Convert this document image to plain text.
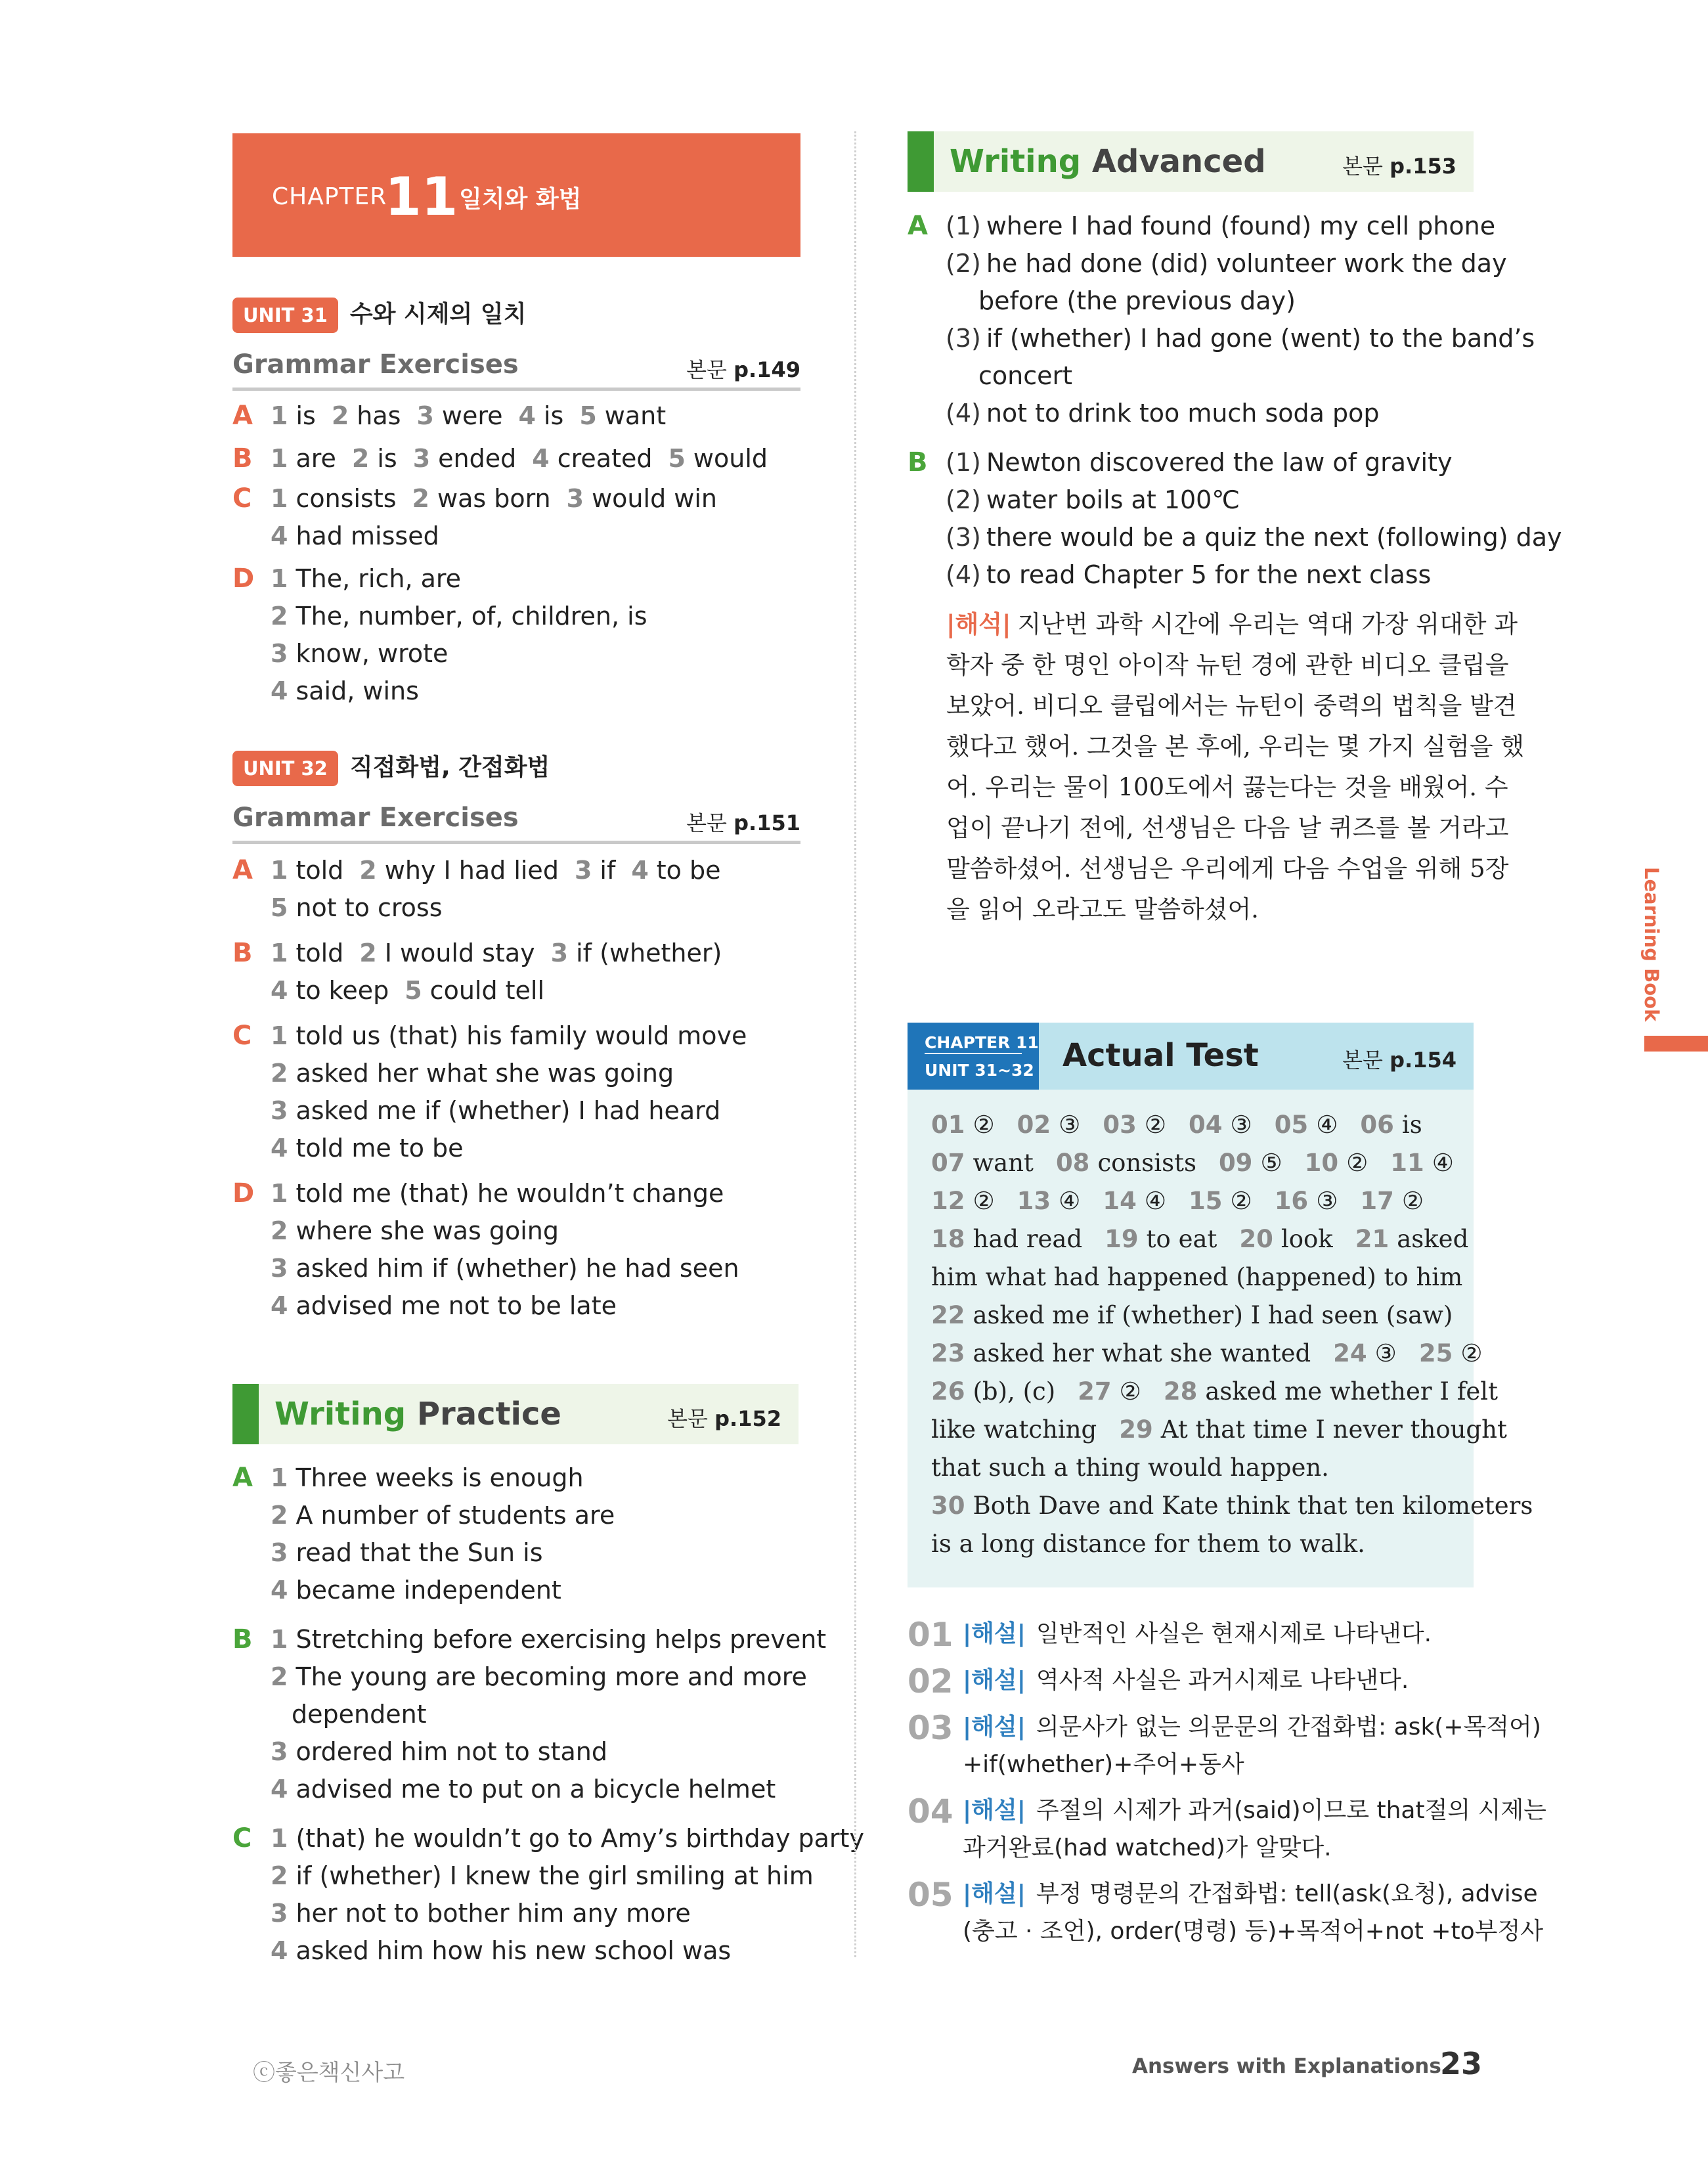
CHAPTER
11 일치와 화법
UNIT 31 수와 시제의 일치
Grammar Exercises	본문 p.149
A 1 is 2 has 3 were 4 is 5 want
B 1 are 2 is 3 ended 4 created 5 would
C 1 consists 2 was born 3 would win
4 had missed
D 1 The, rich, are
2 The, number, of, children, is
3 know, wrote
4 said, wins
UNIT 32 직접화법, 간접화법
Grammar Exercises	본문 p.151
A 1 told 2 why I had lied 3 if 4 to be
5 not to cross
B 1 told 2 I would stay 3 if (whether)
4 to keep 5 could tell
C 1 told us (that) his family would move
2 asked her what she was going
3 asked me if (whether) I had heard
4 told me to be
D 1 told me (that) he wouldn’t change
2 where she was going
3 asked him if (whether) he had seen
4 advised me not to be late
Writing Practice	본문 p.152
A 1 Three weeks is enough
2 A number of students are
3 read that the Sun is
4 became independent
B 1 Stretching before exercising helps prevent
2 The young are becoming more and more
dependent
3 ordered him not to stand
4 advised me to put on a bicycle helmet
C 1 (that) he wouldn’t go to Amy’s birthday party
2 if (whether) I knew the girl smiling at him
3 her not to bother him any more
4 asked him how his new school was
Writing Advanced	본문 p.153
A (1) where I had found (found) my cell phone
(2) he had done (did) volunteer work the day
before (the previous day)
(3) if (whether) I had gone (went) to the band’s
concert
(4) not to drink too much soda pop
B (1) Newton discovered the law of gravity
(2) water boils at 100℃
(3) there would be a quiz the next (following) day
(4) to read Chapter 5 for the next class
|해석| 지난번 과학 시간에 우리는 역대 가장 위대한 과
학자 중 한 명인 아이작 뉴턴 경에 관한 비디오 클립을
보았어. 비디오 클립에서는 뉴턴이 중력의 법칙을 발견
했다고 했어. 그것을 본 후에, 우리는 몇 가지 실험을 했
어. 우리는 물이 100도에서 끓는다는 것을 배웠어. 수
업이 끝나기 전에, 선생님은 다음 날 퀴즈를 볼 거라고
말씀하셨어. 선생님은 우리에게 다음 수업을 위해 5장
을 읽어 오라고도 말씀하셨어.
CHAPTER 11
UNIT 31~32 Actual Test	본문 p.154
01 ② 02 ③ 03 ② 04 ③ 05 ④ 06 is
07 want 08 consists 09 ⑤ 10 ② 11 ④
12 ② 13 ④ 14 ④ 15 ② 16 ③ 17 ②
18 had read 19 to eat 20 look 21 asked
him what had happened (happened) to him
22 asked me if (whether) I had seen (saw)
23 asked her what she wanted 24 ③ 25 ②
26 (b), (c) 27 ② 28 asked me whether I felt
like watching 29 At that time I never thought
that such a thing would happen.
30 Both Dave and Kate think that ten kilometers
is a long distance for them to walk.
01 |해설| 일반적인 사실은 현재시제로 나타낸다.
02 |해설| 역사적 사실은 과거시제로 나타낸다.
03 |해설| 의문사가 없는 의문문의 간접화법: ask(+목적어)
+if(whether)+주어+동사
04 |해설| 주절의 시제가 과거(said)이므로 that절의 시제는
과거완료(had watched)가 알맞다.
05 |해설| 부정 명령문의 간접화법: tell(ask(요청), advise
(충고 · 조언), order(명령) 등)+목적어+not +to부정사
Learning Book
ⓒ좋은책신사고	Answers with Explanations
23
